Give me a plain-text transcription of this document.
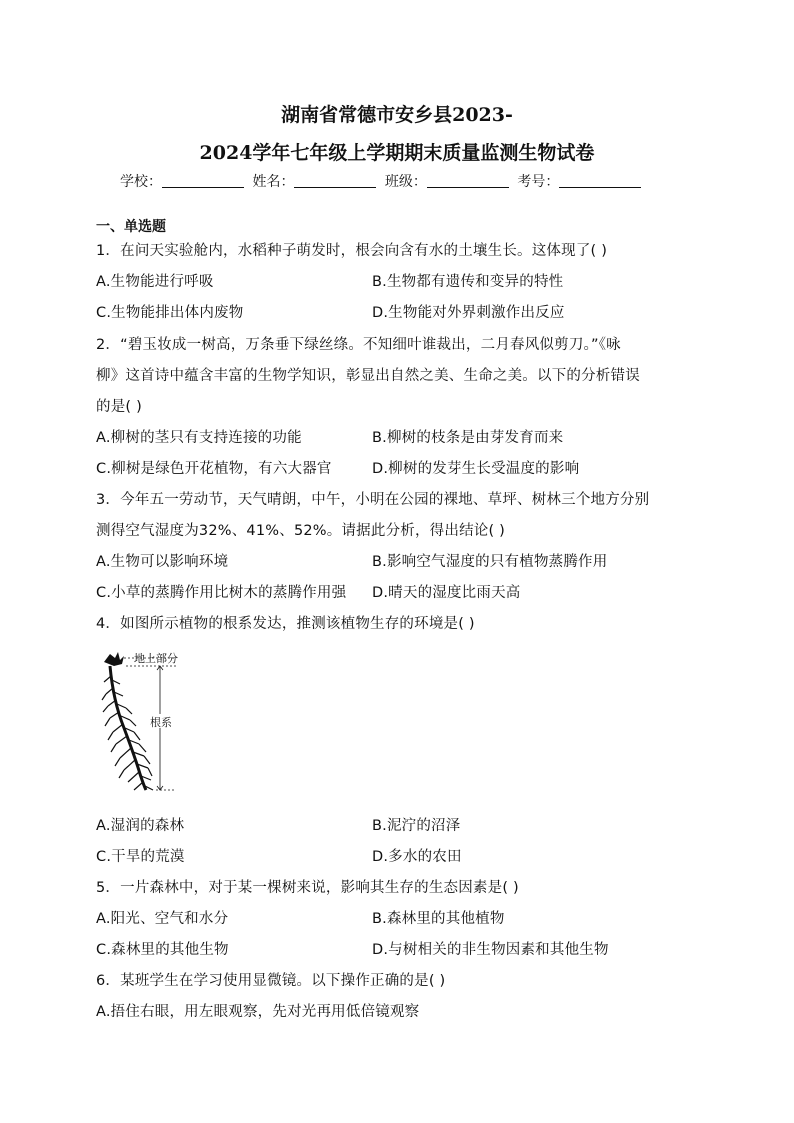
湖南省常德市安乡县2023-
2024学年七年级上学期期末质量监测生物试卷
学校：	姓名：	班级：	考号：
一、单选题
1．在问天实验舱内，水稻种子萌发时，根会向含有水的土壤生长。这体现了( )
A.生物能进行呼吸	B.生物都有遗传和变异的特性
C.生物能排出体内废物	D.生物能对外界刺激作出反应
2．“碧玉妆成一树高，万条垂下绿丝绦。不知细叶谁裁出，二月春风似剪刀。”《咏
柳》这首诗中蕴含丰富的生物学知识，彰显出自然之美、生命之美。以下的分析错误
的是( )
A.柳树的茎只有支持连接的功能	B.柳树的枝条是由芽发育而来
C.柳树是绿色开花植物，有六大器官	D.柳树的发芽生长受温度的影响
3．今年五一劳动节，天气晴朗，中午，小明在公园的裸地、草坪、树林三个地方分别
测得空气湿度为32%、41%、52%。请据此分析，得出结论( )
A.生物可以影响环境	B.影响空气湿度的只有植物蒸腾作用
C.小草的蒸腾作用比树木的蒸腾作用强 D.晴天的湿度比雨天高
4．如图所示植物的根系发达，推测该植物生存的环境是( )
地上部分
根系
A.湿润的森林	B.泥泞的沼泽
C.干旱的荒漠	D.多水的农田
5．一片森林中，对于某一棵树来说，影响其生存的生态因素是( )
A.阳光、空气和水分	B.森林里的其他植物
C.森林里的其他生物	D.与树相关的非生物因素和其他生物
6．某班学生在学习使用显微镜。以下操作正确的是( )
A.捂住右眼，用左眼观察，先对光再用低倍镜观察
